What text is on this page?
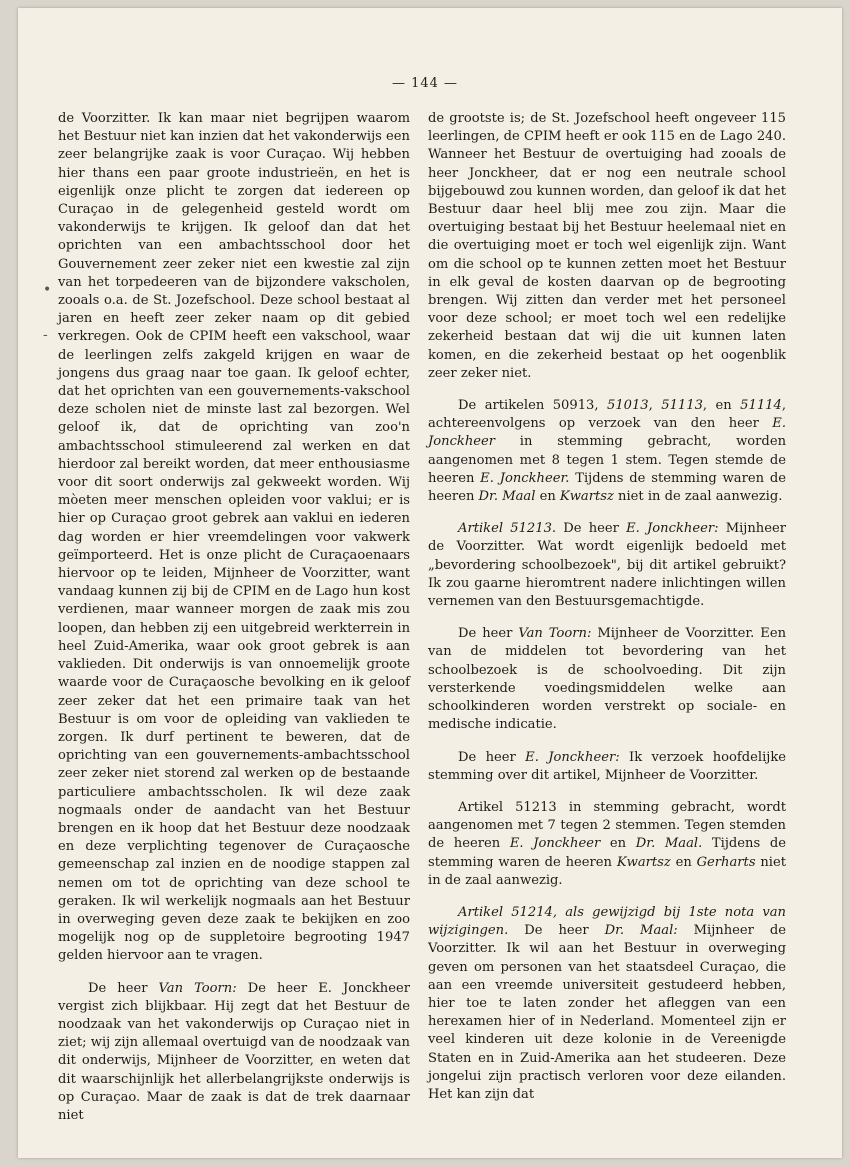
— 144 —
•
-

de Voorzitter. Ik kan maar niet begrijpen waarom het Bestuur niet kan inzien dat het vakonderwijs een zeer belangrijke zaak is voor Curaçao. Wij hebben hier thans een paar groote industrieën, en het is eigenlijk onze plicht te zorgen dat iedereen op Curaçao in de gelegenheid gesteld wordt om vakonderwijs te krijgen. Ik geloof dan dat het oprichten van een ambachtsschool door het Gouvernement zeer zeker niet een kwestie zal zijn van het torpedeeren van de bijzondere vakscholen, zooals o.a. de St. Jozefschool. Deze school bestaat al jaren en heeft zeer zeker naam op dit gebied verkregen. Ook de CPIM heeft een vakschool, waar de leerlingen zelfs zakgeld krijgen en waar de jongens dus graag naar toe gaan. Ik geloof echter, dat het oprichten van een gouvernements-vakschool deze scholen niet de minste last zal bezorgen. Wel geloof ik, dat de oprichting van zoo'n ambachtsschool stimuleerend zal werken en dat hierdoor zal bereikt worden, dat meer enthousiasme voor dit soort onderwijs zal gekweekt worden. Wij mòeten meer menschen opleiden voor vaklui; er is hier op Curaçao groot gebrek aan vaklui en iederen dag worden er hier vreemdelingen voor vakwerk geïmporteerd. Het is onze plicht de Curaçaoenaars hiervoor op te leiden, Mijnheer de Voorzitter, want vandaag kunnen zij bij de CPIM en de Lago hun kost verdienen, maar wanneer morgen de zaak mis zou loopen, dan hebben zij een uitgebreid werkterrein in heel Zuid-Amerika, waar ook groot gebrek is aan vaklieden. Dit onderwijs is van onnoemelijk groote waarde voor de Curaçaosche bevolking en ik geloof zeer zeker dat het een primaire taak van het Bestuur is om voor de opleiding van vaklieden te zorgen. Ik durf pertinent te beweren, dat de oprichting van een gouvernements-ambachtsschool zeer zeker niet storend zal werken op de bestaande particuliere ambachtsscholen. Ik wil deze zaak nogmaals onder de aandacht van het Bestuur brengen en ik hoop dat het Bestuur deze noodzaak en deze verplichting tegenover de Curaçaosche gemeenschap zal inzien en de noodige stappen zal nemen om tot de oprichting van deze school te geraken. Ik wil werkelijk nogmaals aan het Bestuur in overweging geven deze zaak te bekijken en zoo mogelijk nog op de suppletoire begrooting 1947 gelden hiervoor aan te vragen.

De heer Van Toorn: De heer E. Jonckheer vergist zich blijkbaar. Hij zegt dat het Bestuur de noodzaak van het vakonderwijs op Curaçao niet in ziet; wij zijn allemaal overtuigd van de noodzaak van dit onderwijs, Mijnheer de Voorzitter, en weten dat dit waarschijnlijk het allerbelangrijkste onderwijs is op Curaçao. Maar de zaak is dat de trek daarnaar niet

de grootste is; de St. Jozefschool heeft ongeveer 115 leerlingen, de CPIM heeft er ook 115 en de Lago 240. Wanneer het Bestuur de overtuiging had zooals de heer Jonckheer, dat er nog een neutrale school bijgebouwd zou kunnen worden, dan geloof ik dat het Bestuur daar heel blij mee zou zijn. Maar die overtuiging bestaat bij het Bestuur heelemaal niet en die overtuiging moet er toch wel eigenlijk zijn. Want om die school op te kunnen zetten moet het Bestuur in elk geval de kosten daarvan op de begrooting brengen. Wij zitten dan verder met het personeel voor deze school; er moet toch wel een redelijke zekerheid bestaan dat wij die uit kunnen laten komen, en die zekerheid bestaat op het oogenblik zeer zeker niet.

De artikelen 50913, 51013, 51113, en 51114, achtereenvolgens op verzoek van den heer E. Jonckheer in stemming gebracht, worden aangenomen met 8 tegen 1 stem. Tegen stemde de heeren E. Jonckheer. Tijdens de stemming waren de heeren Dr. Maal en Kwartsz niet in de zaal aanwezig.

Artikel 51213. De heer E. Jonckheer: Mijnheer de Voorzitter. Wat wordt eigenlijk bedoeld met „bevordering schoolbezoek", bij dit artikel gebruikt? Ik zou gaarne hieromtrent nadere inlichtingen willen vernemen van den Bestuursgemachtigde.

De heer Van Toorn: Mijnheer de Voorzitter. Een van de middelen tot bevordering van het schoolbezoek is de schoolvoeding. Dit zijn versterkende voedingsmiddelen welke aan schoolkinderen worden verstrekt op sociale- en medische indicatie.

De heer E. Jonckheer: Ik verzoek hoofdelijke stemming over dit artikel, Mijnheer de Voorzitter.

Artikel 51213 in stemming gebracht, wordt aangenomen met 7 tegen 2 stemmen. Tegen stemden de heeren E. Jonckheer en Dr. Maal. Tijdens de stemming waren de heeren Kwartsz en Gerharts niet in de zaal aanwezig.

Artikel 51214, als gewijzigd bij 1ste nota van wijzigingen. De heer Dr. Maal: Mijnheer de Voorzitter. Ik wil aan het Bestuur in overweging geven om personen van het staatsdeel Curaçao, die aan een vreemde universiteit gestudeerd hebben, hier toe te laten zonder het afleggen van een herexamen hier of in Nederland. Momenteel zijn er veel kinderen uit deze kolonie in de Vereenigde Staten en in Zuid-Amerika aan het studeeren. Deze jongelui zijn practisch verloren voor deze eilanden. Het kan zijn dat
